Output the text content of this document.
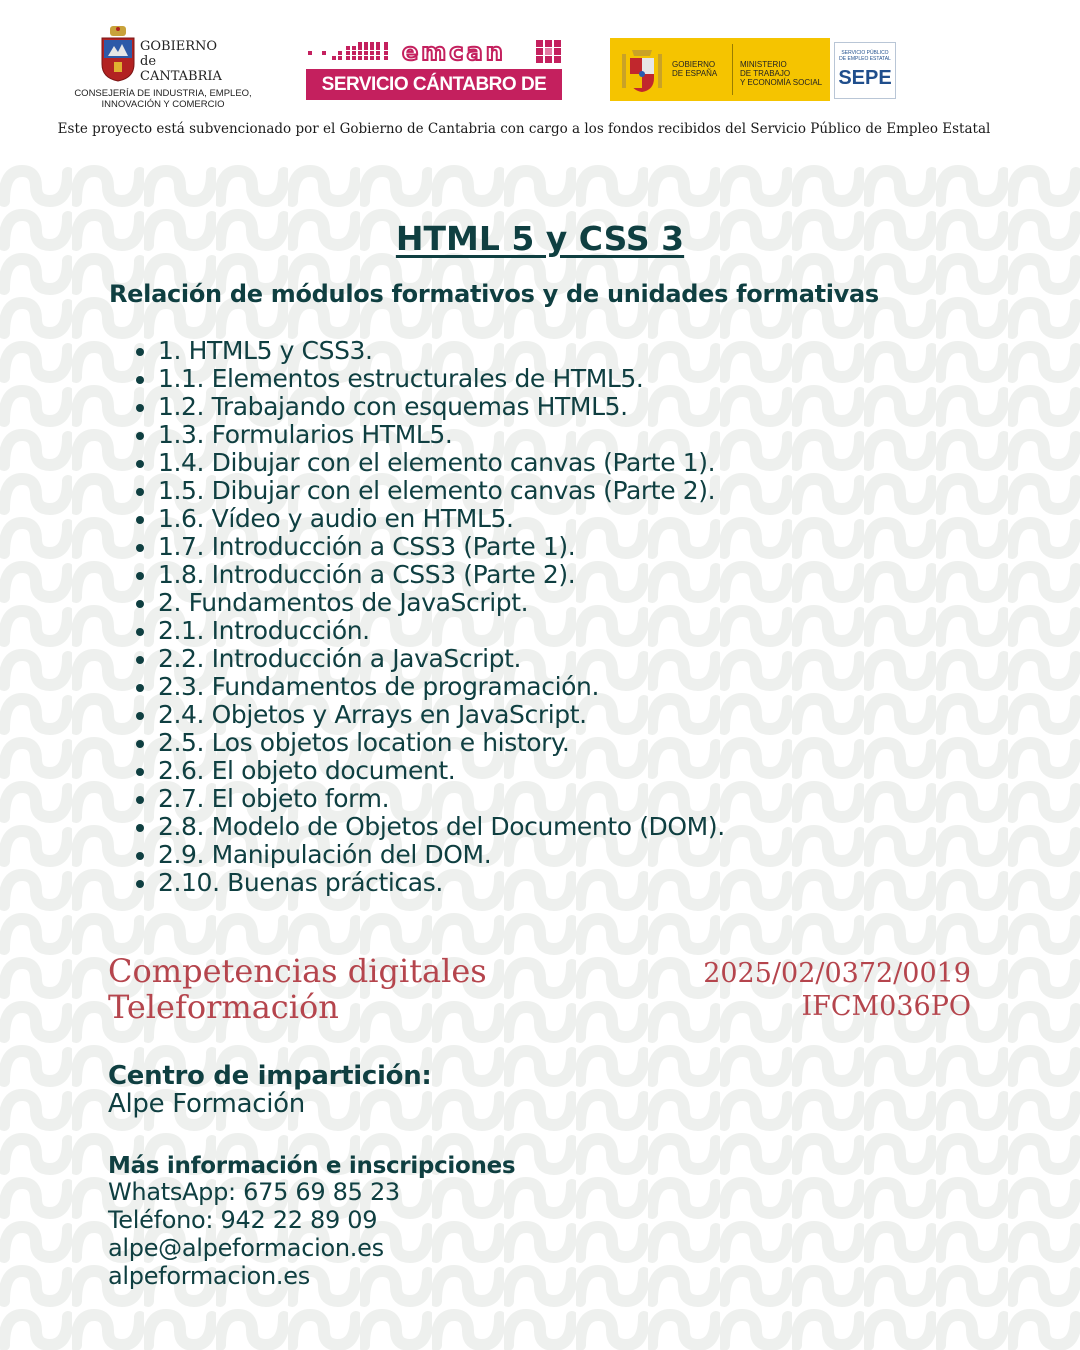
GOBIERNO
de
CANTABRIA
CONSEJERÍA DE INDUSTRIA, EMPLEO,
INNOVACIÓN Y COMERCIO
emcan
SERVICIO CÁNTABRO DE EMPLEO
GOBIERNO
DE ESPAÑA
MINISTERIO
DE TRABAJO
Y ECONOMÍA SOCIAL
SERVICIO PÚBLICO
DE EMPLEO ESTATAL
SEPE
Este proyecto está subvencionado por el Gobierno de Cantabria con cargo a los fondos recibidos del Servicio Público de Empleo Estatal
HTML 5 y CSS 3
Relación de módulos formativos y de unidades formativas
• 1. HTML5 y CSS3.
• 1.1. Elementos estructurales de HTML5.
• 1.2. Trabajando con esquemas HTML5.
• 1.3. Formularios HTML5.
• 1.4. Dibujar con el elemento canvas (Parte 1).
• 1.5. Dibujar con el elemento canvas (Parte 2).
• 1.6. Vídeo y audio en HTML5.
• 1.7. Introducción a CSS3 (Parte 1).
• 1.8. Introducción a CSS3 (Parte 2).
• 2. Fundamentos de JavaScript.
• 2.1. Introducción.
• 2.2. Introducción a JavaScript.
• 2.3. Fundamentos de programación.
• 2.4. Objetos y Arrays en JavaScript.
• 2.5. Los objetos location e history.
• 2.6. El objeto document.
• 2.7. El objeto form.
• 2.8. Modelo de Objetos del Documento (DOM).
• 2.9. Manipulación del DOM.
• 2.10. Buenas prácticas.
Competencias digitales
Teleformación
2025/02/0372/0019
IFCM036PO
Centro de impartición:
Alpe Formación
Más información e inscripciones
WhatsApp: 675 69 85 23
Teléfono: 942 22 89 09
alpe@alpeformacion.es
alpeformacion.es
